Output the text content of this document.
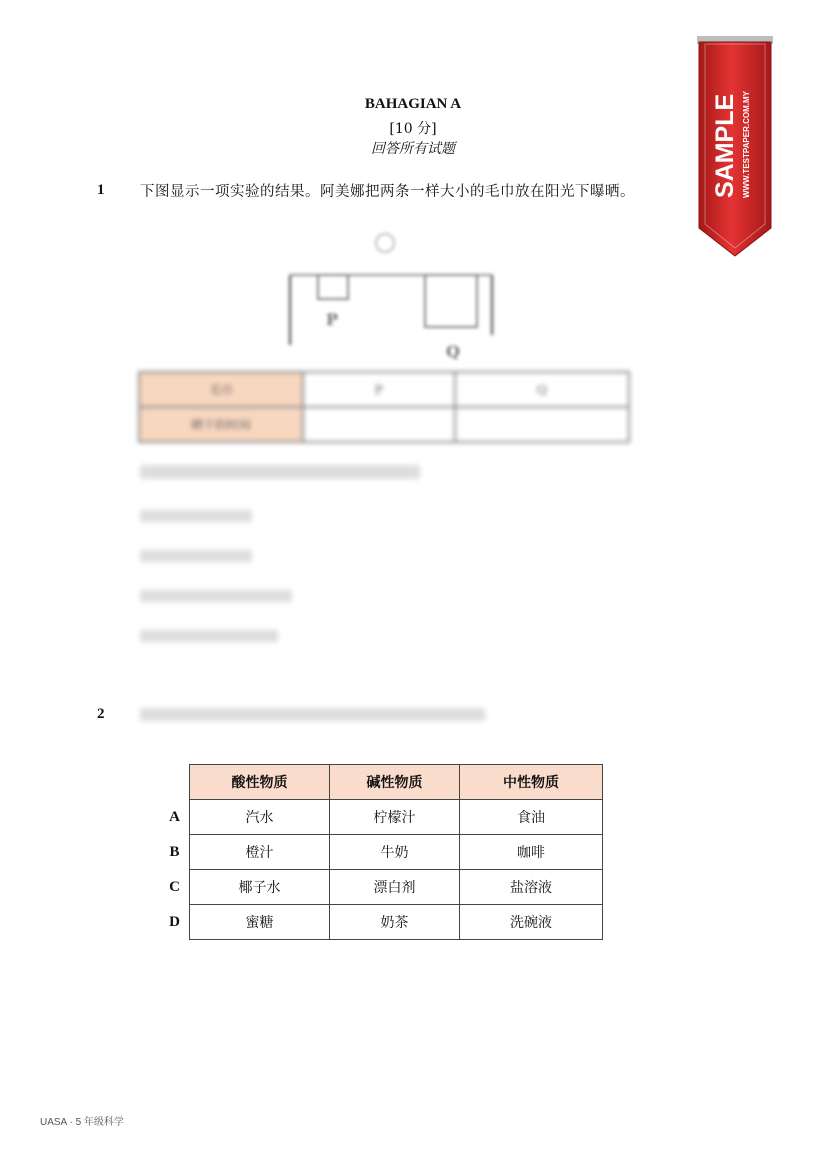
BAHAGIAN A
[10 分]
回答所有试题
1 下图显示一项实验的结果。阿美娜把两条一样大小的毛巾放在阳光下曝晒。
P
Q
毛巾	P	Q
晒干的时间		
2
	酸性物质	碱性物质	中性物质
A	汽水	柠檬汁	食油
B	橙汁	牛奶	咖啡
C	椰子水	漂白剂	盐溶液
D	蜜糖	奶茶	洗碗液
UASA · 5 年级科学
SAMPLE WWW.TESTPAPER.COM.MY
